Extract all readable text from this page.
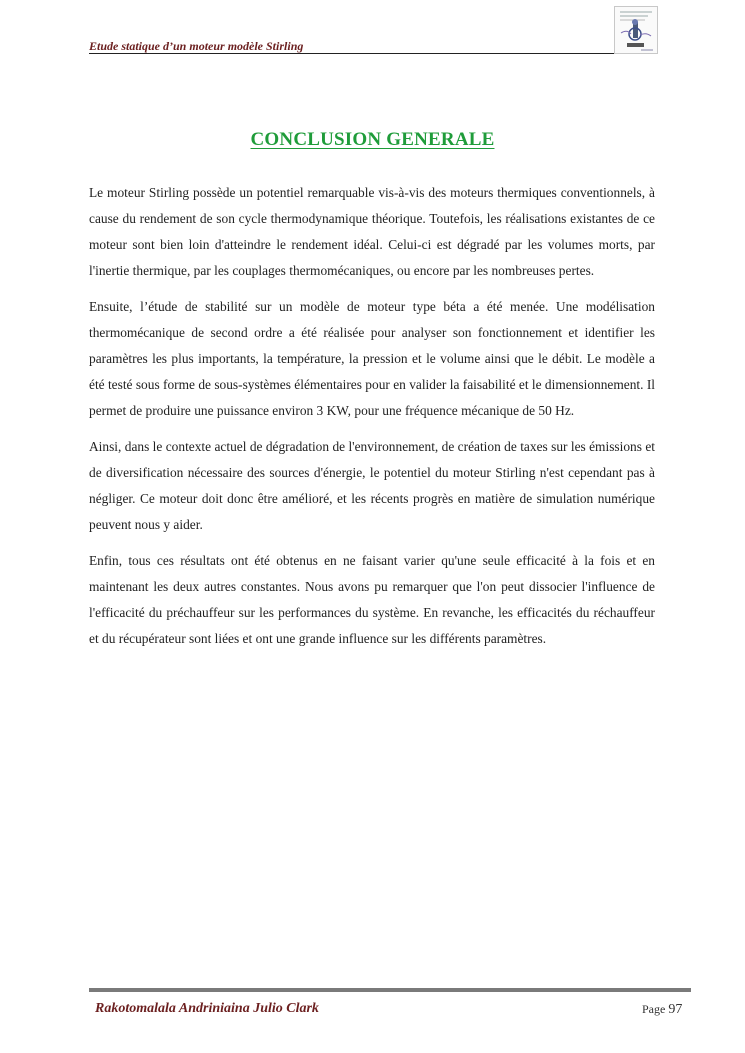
Etude statique d’un moteur modèle Stirling
CONCLUSION GENERALE

Le moteur Stirling possède un potentiel remarquable vis-à-vis des moteurs thermiques conventionnels, à cause du rendement de son cycle thermodynamique théorique. Toutefois, les réalisations existantes de ce moteur sont bien loin d'atteindre le rendement idéal. Celui-ci est dégradé par les volumes morts, par l'inertie thermique, par les couplages thermomécaniques, ou encore par les nombreuses pertes.

Ensuite, l’étude de stabilité sur un modèle de moteur type béta a été menée. Une modélisation thermomécanique de second ordre a été réalisée pour analyser son fonctionnement et identifier les paramètres les plus importants, la température, la pression et le volume ainsi que le débit. Le modèle a été testé sous forme de sous-systèmes élémentaires pour en valider la faisabilité et le dimensionnement. Il permet de produire une puissance environ 3 KW, pour une fréquence mécanique de 50 Hz.

Ainsi, dans le contexte actuel de dégradation de l'environnement, de création de taxes sur les émissions et de diversification nécessaire des sources d'énergie, le potentiel du moteur Stirling n'est cependant pas à négliger. Ce moteur doit donc être amélioré, et les récents progrès en matière de simulation numérique peuvent nous y aider.

Enfin, tous ces résultats ont été obtenus en ne faisant varier qu'une seule efficacité à la fois et en maintenant les deux autres constantes. Nous avons pu remarquer que l'on peut dissocier l'influence de l'efficacité du préchauffeur sur les performances du système. En revanche, les efficacités du réchauffeur et du récupérateur sont liées et ont une grande influence sur les différents paramètres.

Rakotomalala Andriniaina Julio Clark	Page 97
